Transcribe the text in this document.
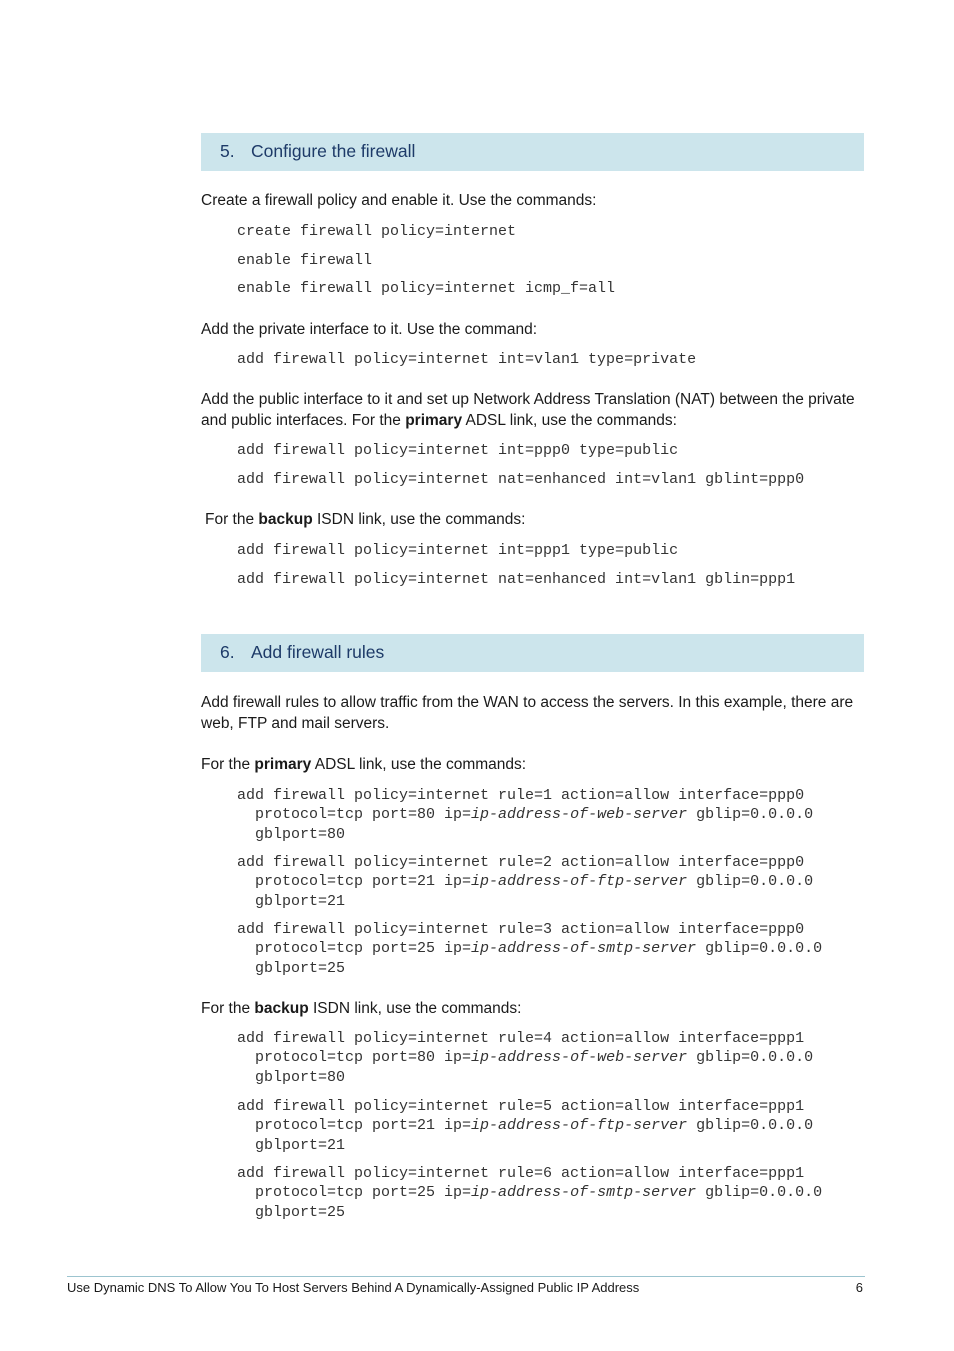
5. Configure the firewall
Create a firewall policy and enable it. Use the commands:
create firewall policy=internet
enable firewall
enable firewall policy=internet icmp_f=all
Add the private interface to it. Use the command:
add firewall policy=internet int=vlan1 type=private
Add the public interface to it and set up Network Address Translation (NAT) between the private and public interfaces. For the primary ADSL link, use the commands:
add firewall policy=internet int=ppp0 type=public
add firewall policy=internet nat=enhanced int=vlan1 gblint=ppp0
For the backup ISDN link, use the commands:
add firewall policy=internet int=ppp1 type=public
add firewall policy=internet nat=enhanced int=vlan1 gblin=ppp1
6. Add firewall rules
Add firewall rules to allow traffic from the WAN to access the servers. In this example, there are web, FTP and mail servers.
For the primary ADSL link, use the commands:
add firewall policy=internet rule=1 action=allow interface=ppp0
protocol=tcp port=80 ip=ip-address-of-web-server gblip=0.0.0.0
gblport=80
add firewall policy=internet rule=2 action=allow interface=ppp0
protocol=tcp port=21 ip=ip-address-of-ftp-server gblip=0.0.0.0
gblport=21
add firewall policy=internet rule=3 action=allow interface=ppp0
protocol=tcp port=25 ip=ip-address-of-smtp-server gblip=0.0.0.0
gblport=25
For the backup ISDN link, use the commands:
add firewall policy=internet rule=4 action=allow interface=ppp1
protocol=tcp port=80 ip=ip-address-of-web-server gblip=0.0.0.0
gblport=80
add firewall policy=internet rule=5 action=allow interface=ppp1
protocol=tcp port=21 ip=ip-address-of-ftp-server gblip=0.0.0.0
gblport=21
add firewall policy=internet rule=6 action=allow interface=ppp1
protocol=tcp port=25 ip=ip-address-of-smtp-server gblip=0.0.0.0
gblport=25
Use Dynamic DNS To Allow You To Host Servers Behind A Dynamically-Assigned Public IP Address	6
